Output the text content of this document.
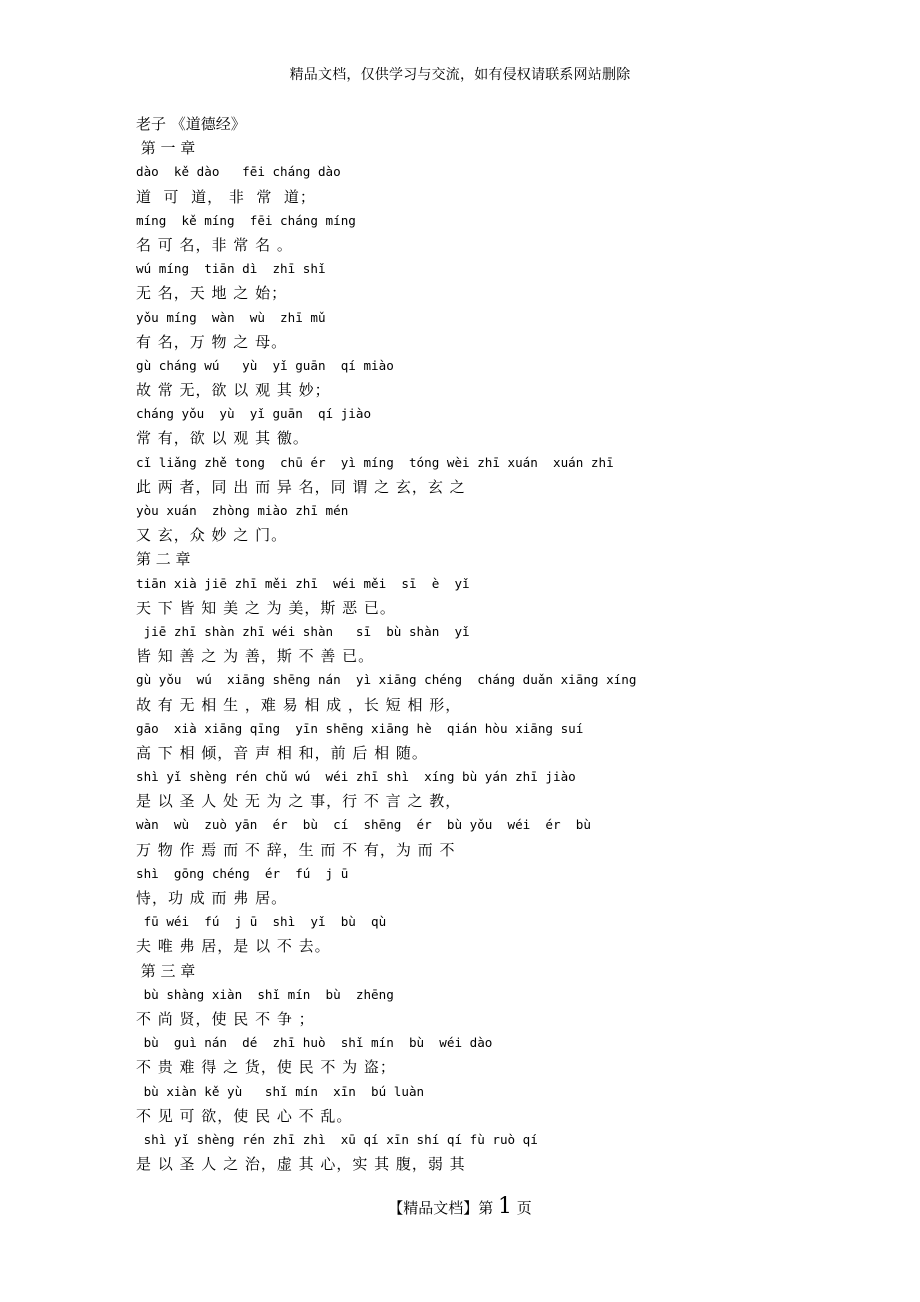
精品文档，仅供学习与交流，如有侵权请联系网站删除
老子 《道德经》
第 一 章
dào  kě dào   fēi cháng dào
道  可  道， 非  常  道；
míng  kě míng  fēi cháng míng
名 可 名，非 常 名 。
wú míng  tiān dì  zhī shǐ
无 名，天 地 之 始；
yǒu míng  wàn  wù  zhī mǔ
有 名，万 物 之 母。
gù cháng wú   yù  yǐ guān  qí miào
故 常 无，欲 以 观 其 妙；
cháng yǒu  yù  yǐ guān  qí jiào
常 有，欲 以 观 其 徼。
cǐ liǎng zhě tong  chū ér  yì míng  tóng wèi zhī xuán  xuán zhī
此 两 者，同 出 而 异 名，同 谓 之 玄，玄 之
yòu xuán  zhòng miào zhī mén
又 玄，众 妙 之 门。
第 二 章
tiān xià jiē zhī měi zhī  wéi měi  sī  è  yǐ
天 下 皆 知 美 之 为 美，斯 恶 已。
jiē zhī shàn zhī wéi shàn   sī  bù shàn  yǐ
皆 知 善 之 为 善，斯 不 善 已。
gù yǒu  wú  xiāng shēng nán  yì xiāng chéng  cháng duǎn xiāng xíng
故 有 无 相 生 ，难 易 相 成 ，长 短 相 形，
gāo  xià xiāng qīng  yīn shēng xiāng hè  qián hòu xiāng suí
高 下 相 倾，音 声 相 和，前 后 相 随。
shì yǐ shèng rén chǔ wú  wéi zhī shì  xíng bù yán zhī jiào
是 以 圣 人 处 无 为 之 事，行 不 言 之 教，
wàn  wù  zuò yān  ér  bù  cí  shēng  ér  bù yǒu  wéi  ér  bù
万 物 作 焉 而 不 辞，生 而 不 有，为 而 不
shì  gōng chéng  ér  fú  j ū
恃，功 成 而 弗 居。
fū wéi  fú  j ū  shì  yǐ  bù  qù
夫 唯 弗 居，是 以 不 去。
第 三 章
bù shàng xiàn  shǐ mín  bù  zhēng
不 尚 贤，使 民 不 争 ；
bù  guì nán  dé  zhī huò  shǐ mín  bù  wéi dào
不 贵 难 得 之 货，使 民 不 为 盗；
bù xiàn kě yù   shǐ mín  xīn  bú luàn
不 见 可 欲，使 民 心 不 乱。
shì yǐ shèng rén zhī zhì  xū qí xīn shí qí fù ruò qí
是 以 圣 人 之 治，虚 其 心，实 其 腹，弱 其
【精品文档】第 1 页
